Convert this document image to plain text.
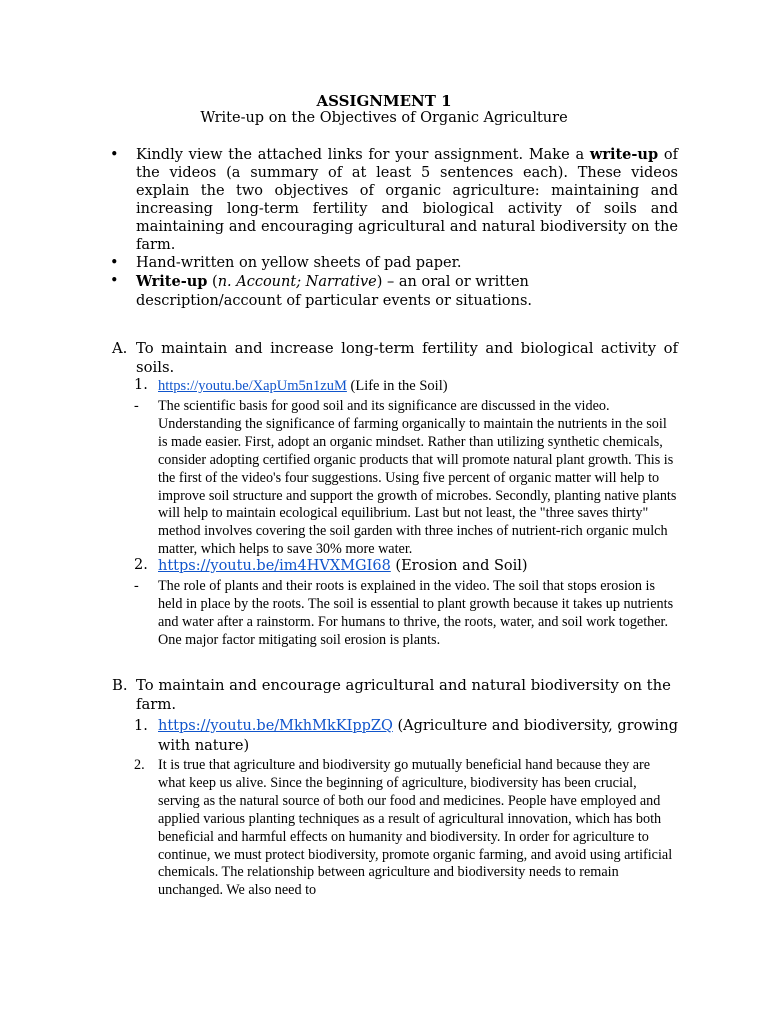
ASSIGNMENT 1
Write-up on the Objectives of Organic Agriculture
• Kindly view the attached links for your assignment. Make a write-up of the videos (a summary of at least 5 sentences each). These videos explain the two objectives of organic agriculture: maintaining and increasing long-term fertility and biological activity of soils and maintaining and encouraging agricultural and natural biodiversity on the farm.
• Hand-written on yellow sheets of pad paper.
• Write-up (n. Account; Narrative) – an oral or written description/account of particular events or situations.
A. To maintain and increase long-term fertility and biological activity of soils.
1. https://youtu.be/XapUm5n1zuM (Life in the Soil)
- The scientific basis for good soil and its significance are discussed in the video. Understanding the significance of farming organically to maintain the nutrients in the soil is made easier. First, adopt an organic mindset. Rather than utilizing synthetic chemicals, consider adopting certified organic products that will promote natural plant growth. This is the first of the video's four suggestions. Using five percent of organic matter will help to improve soil structure and support the growth of microbes. Secondly, planting native plants will help to maintain ecological equilibrium. Last but not least, the "three saves thirty" method involves covering the soil garden with three inches of nutrient-rich organic mulch matter, which helps to save 30% more water.
2. https://youtu.be/im4HVXMGI68 (Erosion and Soil)
- The role of plants and their roots is explained in the video. The soil that stops erosion is held in place by the roots. The soil is essential to plant growth because it takes up nutrients and water after a rainstorm. For humans to thrive, the roots, water, and soil work together. One major factor mitigating soil erosion is plants.
B. To maintain and encourage agricultural and natural biodiversity on the farm.
1. https://youtu.be/MkhMkKIppZQ (Agriculture and biodiversity, growing with nature)
2. It is true that agriculture and biodiversity go mutually beneficial hand because they are what keep us alive. Since the beginning of agriculture, biodiversity has been crucial, serving as the natural source of both our food and medicines. People have employed and applied various planting techniques as a result of agricultural innovation, which has both beneficial and harmful effects on humanity and biodiversity. In order for agriculture to continue, we must protect biodiversity, promote organic farming, and avoid using artificial chemicals. The relationship between agriculture and biodiversity needs to remain unchanged. We also need to
